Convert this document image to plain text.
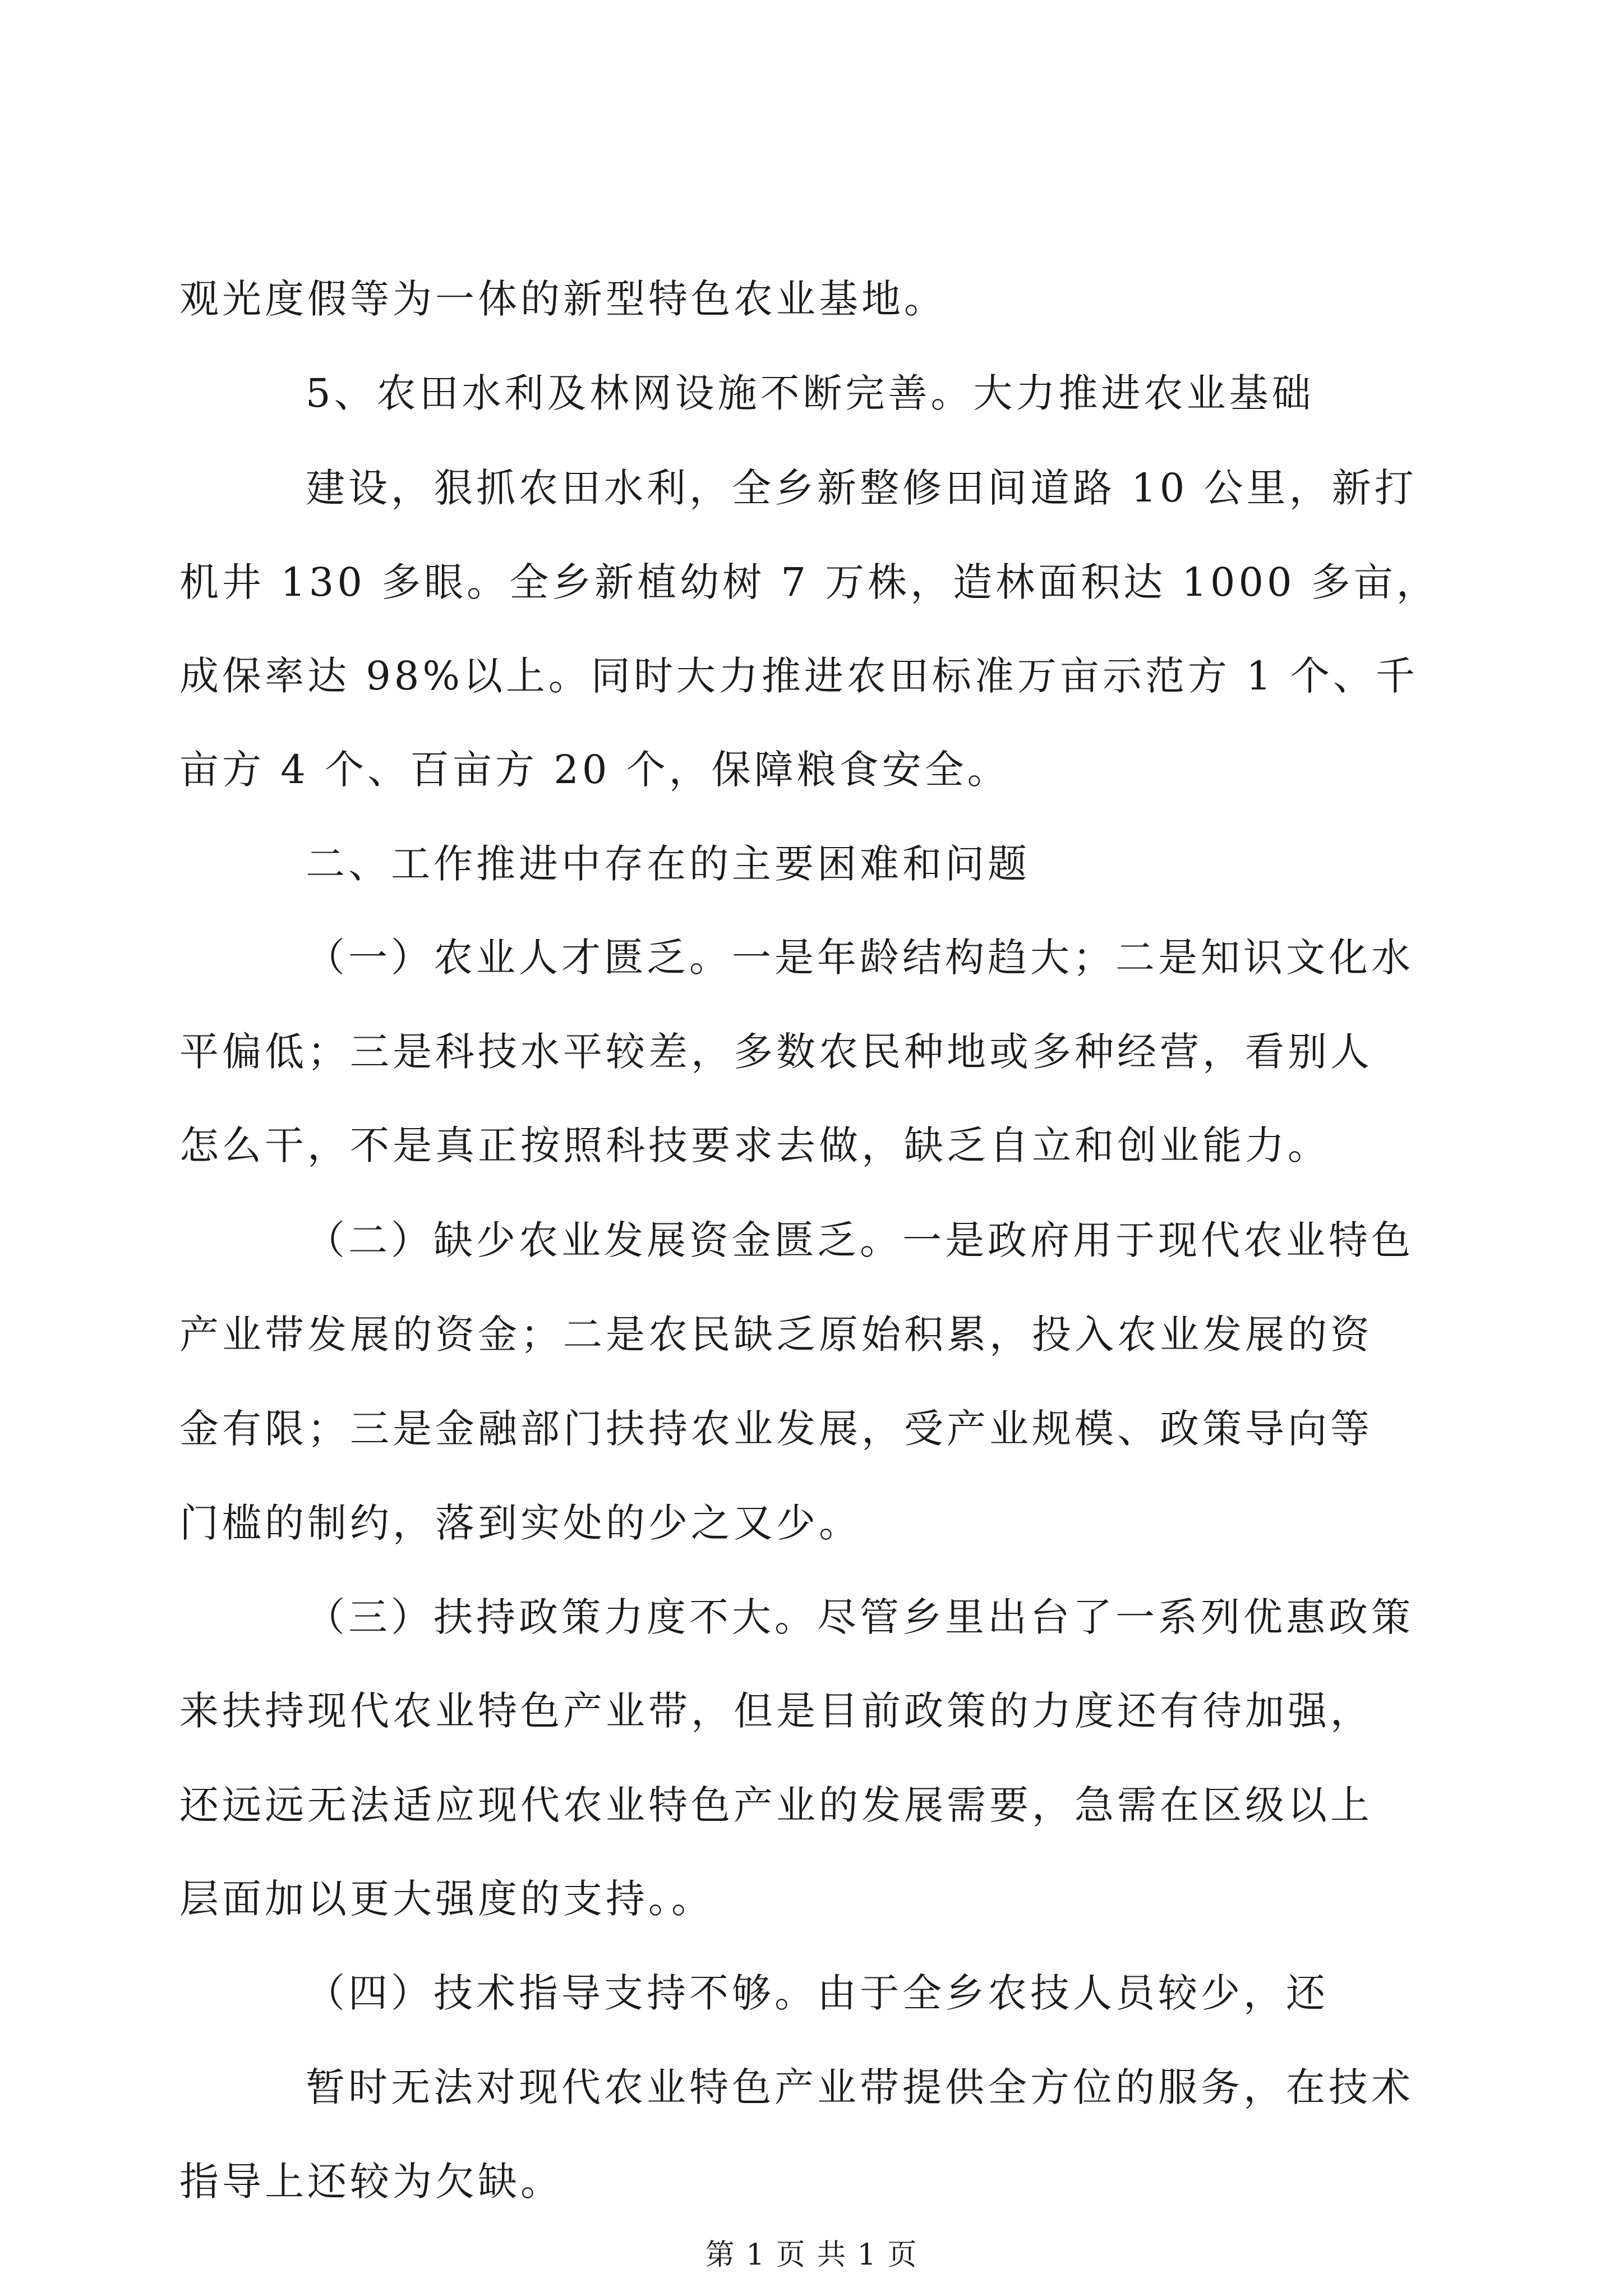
观光度假等为一体的新型特色农业基地。
5、农田水利及林网设施不断完善。大力推进农业基础
建设，狠抓农田水利，全乡新整修田间道路 10 公里，新打
机井 130 多眼。全乡新植幼树 7 万株，造林面积达 1000 多亩，
成保率达 98%以上。同时大力推进农田标准万亩示范方 1 个、千
亩方 4 个、百亩方 20 个，保障粮食安全。
二、工作推进中存在的主要困难和问题
（一）农业人才匮乏。一是年龄结构趋大；二是知识文化水
平偏低；三是科技水平较差，多数农民种地或多种经营，看别人
怎么干，不是真正按照科技要求去做，缺乏自立和创业能力。
（二）缺少农业发展资金匮乏。一是政府用于现代农业特色
产业带发展的资金；二是农民缺乏原始积累，投入农业发展的资
金有限；三是金融部门扶持农业发展，受产业规模、政策导向等
门槛的制约，落到实处的少之又少。
（三）扶持政策力度不大。尽管乡里出台了一系列优惠政策
来扶持现代农业特色产业带，但是目前政策的力度还有待加强，
还远远无法适应现代农业特色产业的发展需要，急需在区级以上
层面加以更大强度的支持。。
（四）技术指导支持不够。由于全乡农技人员较少，还
暂时无法对现代农业特色产业带提供全方位的服务，在技术
指导上还较为欠缺。
第 1 页 共 1 页
